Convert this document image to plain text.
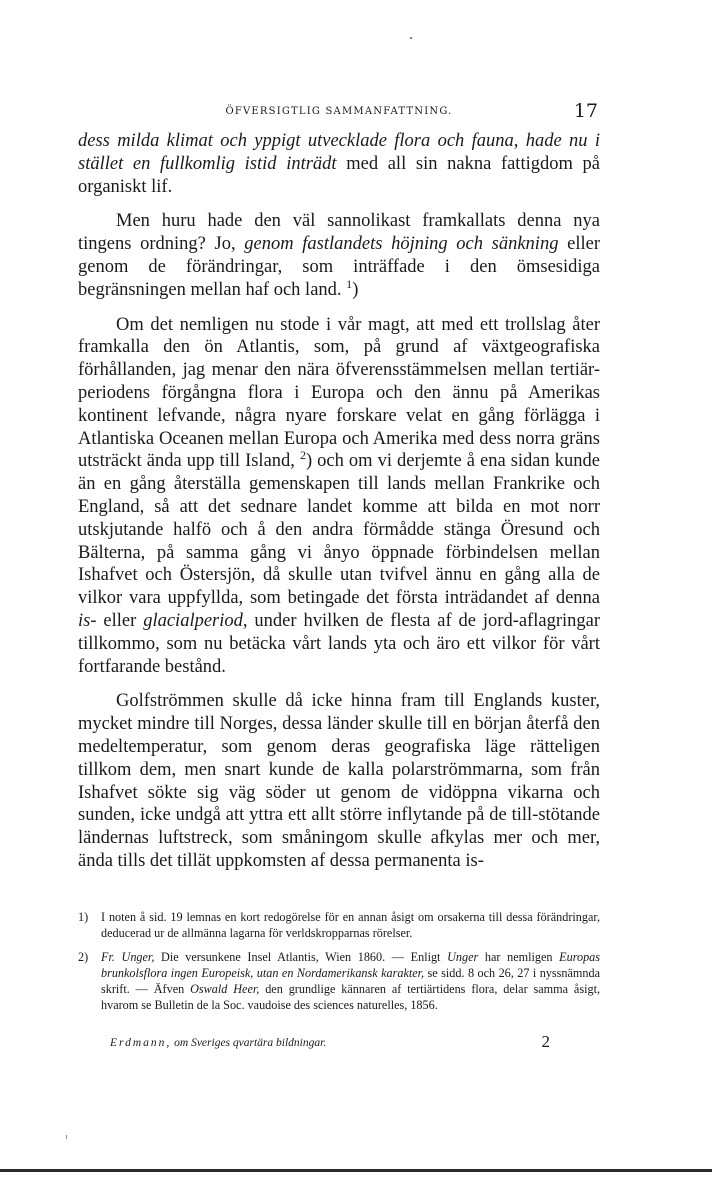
ÖFVERSIGTLIG SAMMANFATTNING.	17

dess milda klimat och yppigt utvecklade flora och fauna, hade nu i stället en fullkomlig istid inträdt med all sin nakna fattigdom på organiskt lif.

Men huru hade den väl sannolikast framkallats denna nya tingens ordning? Jo, genom fastlandets höjning och sänkning eller genom de förändringar, som inträffade i den ömsesidiga begränsningen mellan haf och land. $^1$)

Om det nemligen nu stode i vår magt, att med ett trollslag åter framkalla den ön Atlantis, som, på grund af växtgeografiska förhållanden, jag menar den nära öfverensstämmelsen mellan tertiär-periodens förgångna flora i Europa och den ännu på Amerikas kontinent lefvande, några nyare forskare velat en gång förlägga i Atlantiska Oceanen mellan Europa och Amerika med dess norra gräns utsträckt ända upp till Island, $^2$) och om vi derjemte å ena sidan kunde än en gång återställa gemenskapen till lands mellan Frankrike och England, så att det sednare landet komme att bilda en mot norr utskjutande halfö och å den andra förmådde stänga Öresund och Bälterna, på samma gång vi ånyo öppnade förbindelsen mellan Ishafvet och Östersjön, då skulle utan tvifvel ännu en gång alla de vilkor vara uppfyllda, som betingade det första inträdandet af denna is- eller glacialperiod, under hvilken de flesta af de jord-aflagringar tillkommo, som nu betäcka vårt lands yta och äro ett vilkor för vårt fortfarande bestånd.

Golfströmmen skulle då icke hinna fram till Englands kuster, mycket mindre till Norges, dessa länder skulle till en början återfå den medeltemperatur, som genom deras geografiska läge rätteligen tillkom dem, men snart kunde de kalla polarströmmarna, som från Ishafvet sökte sig väg söder ut genom de vidöppna vikarna och sunden, icke undgå att yttra ett allt större inflytande på de till-stötande ländernas luftstreck, som småningom skulle afkylas mer och mer, ända tills det tillät uppkomsten af dessa permanenta is-

1) I noten å sid. 19 lemnas en kort redogörelse för en annan åsigt om orsakerna till dessa förändringar, deducerad ur de allmänna lagarna för verldskropparnas rörelser.

2) Fr. Unger, Die versunkene Insel Atlantis, Wien 1860. — Enligt Unger har nemligen Europas brunkolsflora ingen Europeisk, utan en Nordamerikansk karakter, se sidd. 8 och 26, 27 i nyssnämnda skrift. — Äfven Oswald Heer, den grundlige kännaren af tertiärtidens flora, delar samma åsigt, hvarom se Bulletin de la Soc. vaudoise des sciences naturelles, 1856.

Erdmann, om Sveriges qvartära bildningar.	2
